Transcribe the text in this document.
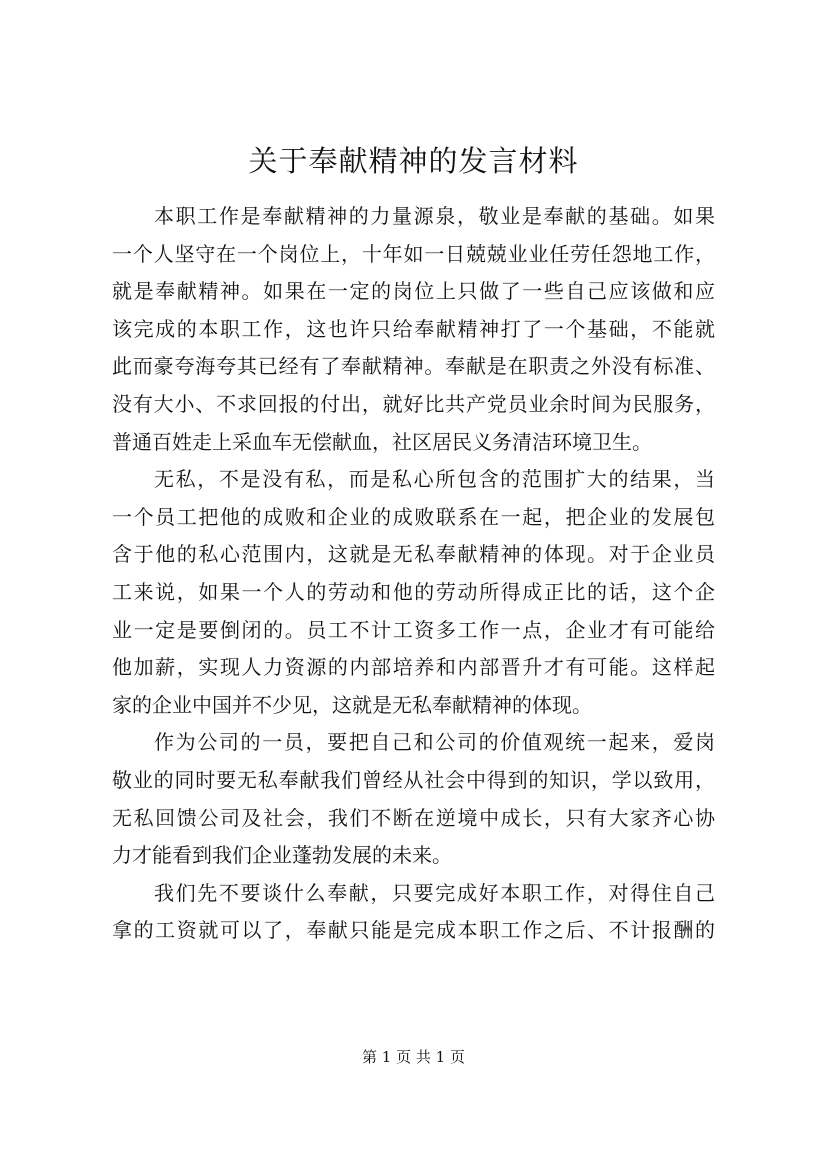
关于奉献精神的发言材料
本职工作是奉献精神的力量源泉，敬业是奉献的基础。如果
一个人坚守在一个岗位上，十年如一日兢兢业业任劳任怨地工作，
就是奉献精神。如果在一定的岗位上只做了一些自己应该做和应
该完成的本职工作，这也许只给奉献精神打了一个基础，不能就
此而豪夸海夸其已经有了奉献精神。奉献是在职责之外没有标准、
没有大小、不求回报的付出，就好比共产党员业余时间为民服务，
普通百姓走上采血车无偿献血，社区居民义务清洁环境卫生。
无私，不是没有私，而是私心所包含的范围扩大的结果，当
一个员工把他的成败和企业的成败联系在一起，把企业的发展包
含于他的私心范围内，这就是无私奉献精神的体现。对于企业员
工来说，如果一个人的劳动和他的劳动所得成正比的话，这个企
业一定是要倒闭的。员工不计工资多工作一点，企业才有可能给
他加薪，实现人力资源的内部培养和内部晋升才有可能。这样起
家的企业中国并不少见，这就是无私奉献精神的体现。
作为公司的一员，要把自己和公司的价值观统一起来，爱岗
敬业的同时要无私奉献我们曾经从社会中得到的知识，学以致用，
无私回馈公司及社会，我们不断在逆境中成长，只有大家齐心协
力才能看到我们企业蓬勃发展的未来。
我们先不要谈什么奉献，只要完成好本职工作，对得住自己
拿的工资就可以了，奉献只能是完成本职工作之后、不计报酬的
第 1 页 共 1 页
